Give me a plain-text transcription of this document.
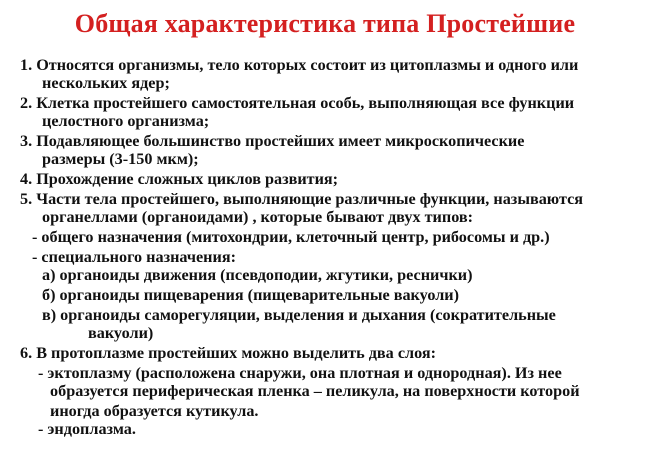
Общая характеристика типа Простейшие
1. Относятся организмы, тело которых состоит из цитоплазмы и одного или
нескольких ядер;
2. Клетка простейшего самостоятельная особь, выполняющая все функции
целостного организма;
3. Подавляющее большинство простейших имеет микроскопические
размеры (3-150 мкм);
4. Прохождение сложных циклов развития;
5. Части тела простейшего, выполняющие различные функции, называются
органеллами (органоидами) , которые бывают двух типов:
- общего назначения (митохондрии, клеточный центр, рибосомы и др.)
- специального назначения:
а) органоиды движения (псевдоподии, жгутики, реснички)
б) органоиды пищеварения (пищеварительные вакуоли)
в) органоиды саморегуляции, выделения и дыхания (сократительные
вакуоли)
6. В протоплазме простейших можно выделить два слоя:
- эктоплазму (расположена снаружи, она плотная и однородная). Из нее
образуется периферическая пленка – пеликула, на поверхности которой
иногда образуется кутикула.
- эндоплазма.
